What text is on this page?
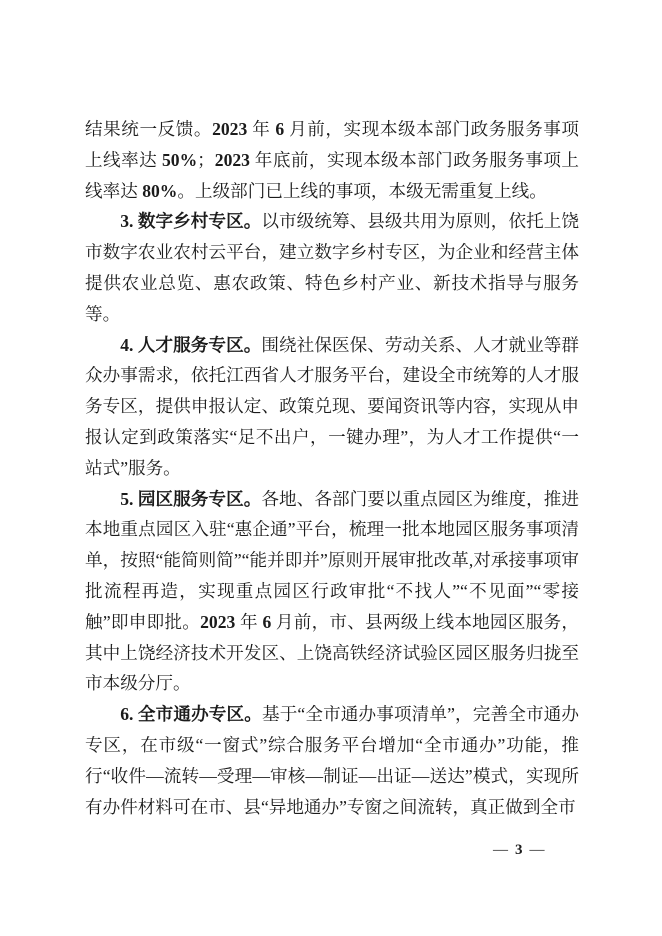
结果统一反馈。2023 年 6 月前，实现本级本部门政务服务事项上线率达 50%；2023 年底前，实现本级本部门政务服务事项上线率达 80%。上级部门已上线的事项，本级无需重复上线。

3. 数字乡村专区。以市级统筹、县级共用为原则，依托上饶市数字农业农村云平台，建立数字乡村专区，为企业和经营主体提供农业总览、惠农政策、特色乡村产业、新技术指导与服务等。

4. 人才服务专区。围绕社保医保、劳动关系、人才就业等群众办事需求，依托江西省人才服务平台，建设全市统筹的人才服务专区，提供申报认定、政策兑现、要闻资讯等内容，实现从申报认定到政策落实“足不出户，一键办理”，为人才工作提供“一站式”服务。

5. 园区服务专区。各地、各部门要以重点园区为维度，推进本地重点园区入驻“惠企通”平台，梳理一批本地园区服务事项清单，按照“能简则简”“能并即并”原则开展审批改革,对承接事项审批流程再造，实现重点园区行政审批“不找人”“不见面”“零接触”即申即批。2023 年 6 月前，市、县两级上线本地园区服务，其中上饶经济技术开发区、上饶高铁经济试验区园区服务归拢至市本级分厅。

6. 全市通办专区。基于“全市通办事项清单”，完善全市通办专区，在市级“一窗式”综合服务平台增加“全市通办”功能，推行“收件—流转—受理—审核—制证—出证—送达”模式，实现所有办件材料可在市、县“异地通办”专窗之间流转，真正做到全市

— 3 —
